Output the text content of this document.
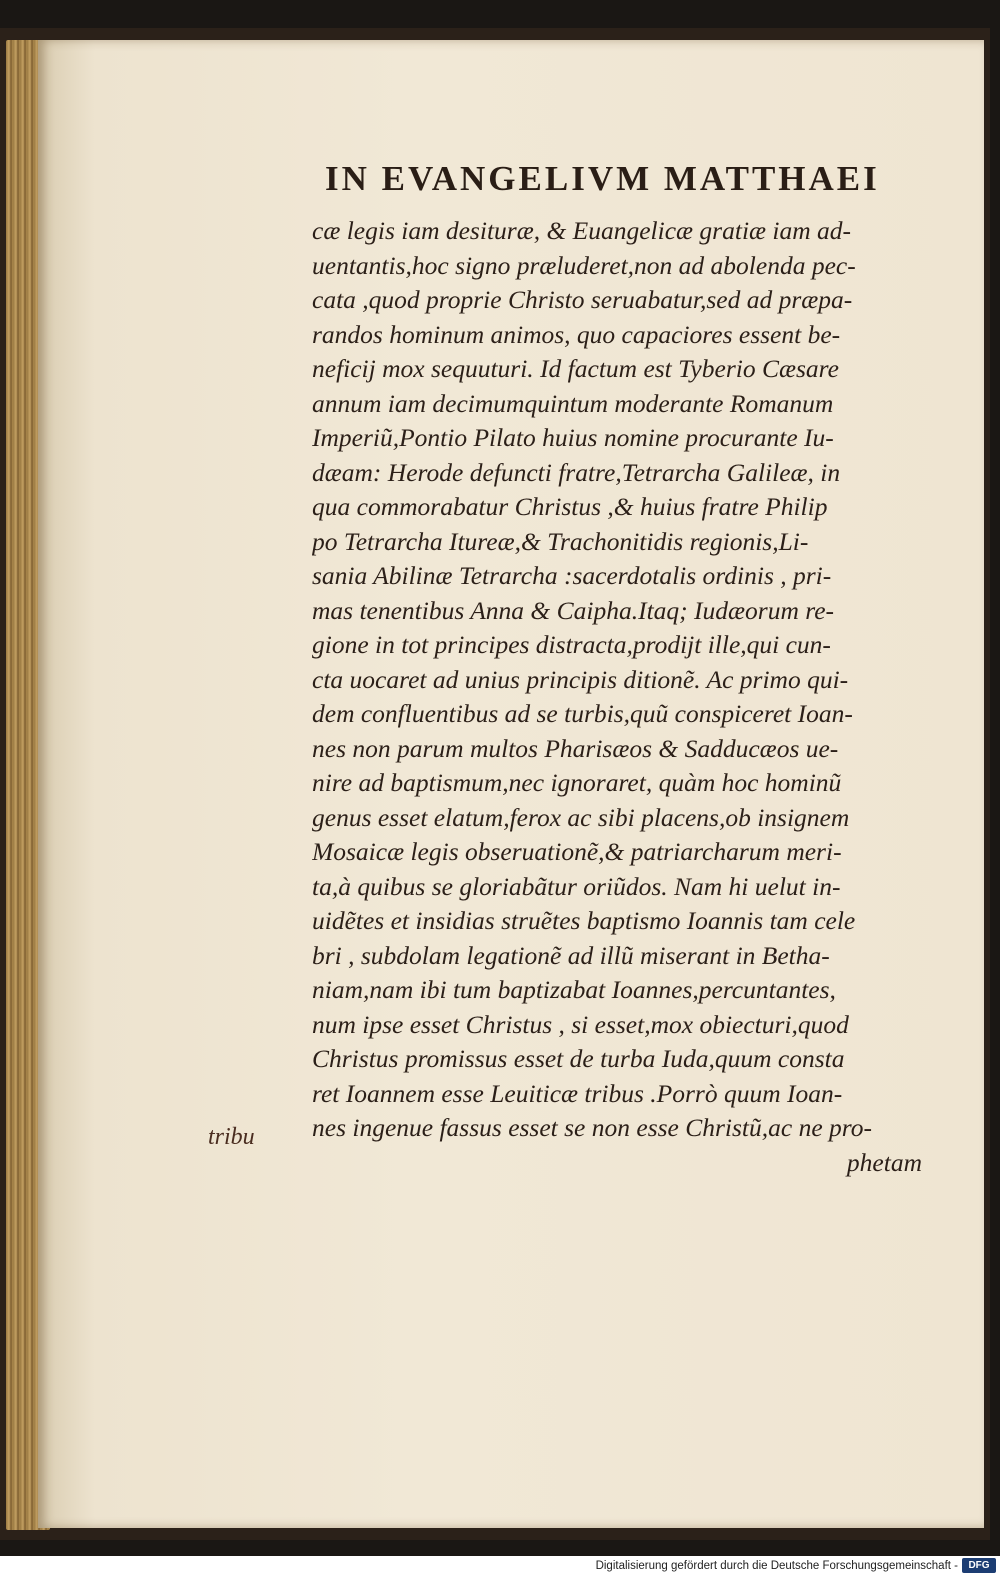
IN EVANGELIVM MATTHAEI
cæ legis iam desituræ, & Euangelicæ gratiæ iam ad-
uentantis,hoc signo præluderet,non ad abolenda pec-
cata ,quod proprie Christo seruabatur,sed ad præpa-
randos hominum animos, quo capaciores essent be-
neficij mox sequuturi. Id factum est Tyberio Cæsare
annum iam decimumquintum moderante Romanum
Imperiũ,Pontio Pilato huius nomine procurante Iu-
dæam: Herode defuncti fratre,Tetrarcha Galileæ, in
qua commorabatur Christus ,& huius fratre Philip
po Tetrarcha Itureæ,& Trachonitidis regionis,Li-
sania Abilinæ Tetrarcha :sacerdotalis ordinis , pri-
mas tenentibus Anna & Caipha.Itaq; Iudæorum re-
gione in tot principes distracta,prodijt ille,qui cun-
cta uocaret ad unius principis ditionẽ. Ac primo qui-
dem confluentibus ad se turbis,quũ conspiceret Ioan-
nes non parum multos Pharisæos & Sadducæos ue-
nire ad baptismum,nec ignoraret, quàm hoc hominũ
genus esset elatum,ferox ac sibi placens,ob insignem
Mosaicæ legis obseruationẽ,& patriarcharum meri-
ta,à quibus se gloriabãtur oriũdos. Nam hi uelut in-
uidẽtes et insidias struẽtes baptismo Ioannis tam cele
bri , subdolam legationẽ ad illũ miserant in Betha-
niam,nam ibi tum baptizabat Ioannes,percuntantes,
num ipse esset Christus , si esset,mox obiecturi,quod
Christus promissus esset de turba Iuda,quum consta
ret Ioannem esse Leuiticæ tribus .Porrò quum Ioan-
nes ingenue fassus esset se non esse Christũ,ac ne pro-
phetam
tribu
Digitalisierung gefördert durch die Deutsche Forschungsgemeinschaft -	DFG
